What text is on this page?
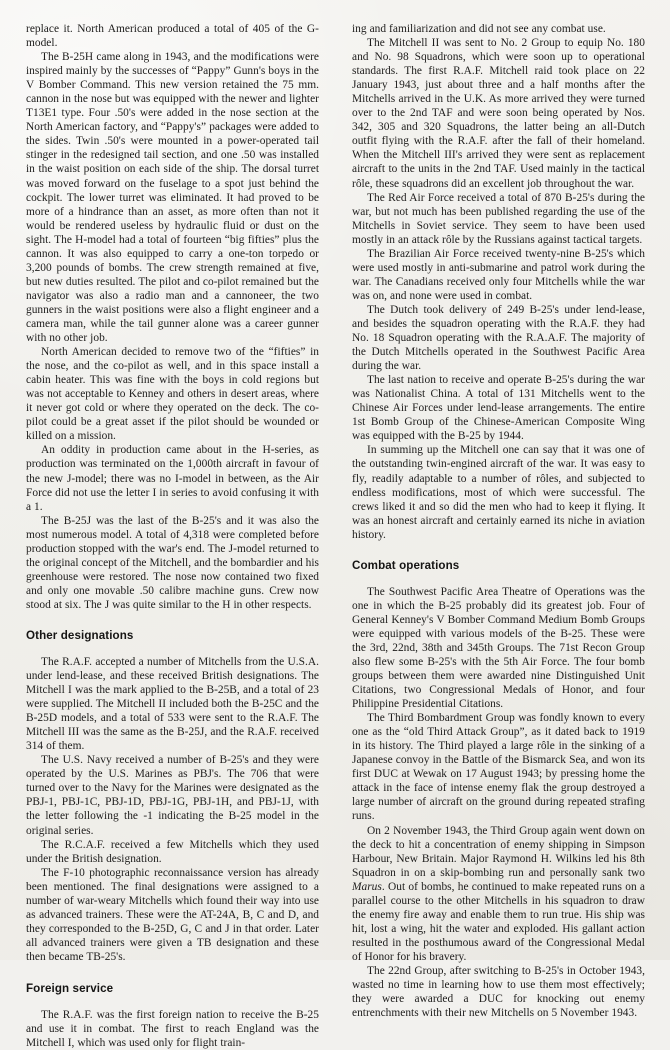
replace it. North American produced a total of 405 of the G-model.

The B-25H came along in 1943, and the modifications were inspired mainly by the successes of “Pappy” Gunn's boys in the V Bomber Command. This new version retained the 75 mm. cannon in the nose but was equipped with the newer and lighter T13E1 type. Four .50's were added in the nose section at the North American factory, and “Pappy's” packages were added to the sides. Twin .50's were mounted in a power-operated tail stinger in the redesigned tail section, and one .50 was installed in the waist position on each side of the ship. The dorsal turret was moved forward on the fuselage to a spot just behind the cockpit. The lower turret was eliminated. It had proved to be more of a hindrance than an asset, as more often than not it would be rendered useless by hydraulic fluid or dust on the sight. The H-model had a total of fourteen “big fifties” plus the cannon. It was also equipped to carry a one-ton torpedo or 3,200 pounds of bombs. The crew strength remained at five, but new duties resulted. The pilot and co-pilot remained but the navigator was also a radio man and a cannoneer, the two gunners in the waist positions were also a flight engineer and a camera man, while the tail gunner alone was a career gunner with no other job.

North American decided to remove two of the “fifties” in the nose, and the co-pilot as well, and in this space install a cabin heater. This was fine with the boys in cold regions but was not acceptable to Kenney and others in desert areas, where it never got cold or where they operated on the deck. The co-pilot could be a great asset if the pilot should be wounded or killed on a mission.

An oddity in production came about in the H-series, as production was terminated on the 1,000th aircraft in favour of the new J-model; there was no I-model in between, as the Air Force did not use the letter I in series to avoid confusing it with a 1.

The B-25J was the last of the B-25's and it was also the most numerous model. A total of 4,318 were completed before production stopped with the war's end. The J-model returned to the original concept of the Mitchell, and the bombardier and his greenhouse were restored. The nose now contained two fixed and only one movable .50 calibre machine guns. Crew now stood at six. The J was quite similar to the H in other respects.

Other designations

The R.A.F. accepted a number of Mitchells from the U.S.A. under lend-lease, and these received British designations. The Mitchell I was the mark applied to the B-25B, and a total of 23 were supplied. The Mitchell II included both the B-25C and the B-25D models, and a total of 533 were sent to the R.A.F. The Mitchell III was the same as the B-25J, and the R.A.F. received 314 of them.

The U.S. Navy received a number of B-25's and they were operated by the U.S. Marines as PBJ's. The 706 that were turned over to the Navy for the Marines were designated as the PBJ-1, PBJ-1C, PBJ-1D, PBJ-1G, PBJ-1H, and PBJ-1J, with the letter following the -1 indicating the B-25 model in the original series.

The R.C.A.F. received a few Mitchells which they used under the British designation.

The F-10 photographic reconnaissance version has already been mentioned. The final designations were assigned to a number of war-weary Mitchells which found their way into use as advanced trainers. These were the AT-24A, B, C and D, and they corresponded to the B-25D, G, C and J in that order. Later all advanced trainers were given a TB designation and these then became TB-25's.

Foreign service

The R.A.F. was the first foreign nation to receive the B-25 and use it in combat. The first to reach England was the Mitchell I, which was used only for flight train-

ing and familiarization and did not see any combat use.

The Mitchell II was sent to No. 2 Group to equip No. 180 and No. 98 Squadrons, which were soon up to operational standards. The first R.A.F. Mitchell raid took place on 22 January 1943, just about three and a half months after the Mitchells arrived in the U.K. As more arrived they were turned over to the 2nd TAF and were soon being operated by Nos. 342, 305 and 320 Squadrons, the latter being an all-Dutch outfit flying with the R.A.F. after the fall of their homeland. When the Mitchell III's arrived they were sent as replacement aircraft to the units in the 2nd TAF. Used mainly in the tactical rôle, these squadrons did an excellent job throughout the war.

The Red Air Force received a total of 870 B-25's during the war, but not much has been published regarding the use of the Mitchells in Soviet service. They seem to have been used mostly in an attack rôle by the Russians against tactical targets.

The Brazilian Air Force received twenty-nine B-25's which were used mostly in anti-submarine and patrol work during the war. The Canadians received only four Mitchells while the war was on, and none were used in combat.

The Dutch took delivery of 249 B-25's under lend-lease, and besides the squadron operating with the R.A.F. they had No. 18 Squadron operating with the R.A.A.F. The majority of the Dutch Mitchells operated in the Southwest Pacific Area during the war.

The last nation to receive and operate B-25's during the war was Nationalist China. A total of 131 Mitchells went to the Chinese Air Forces under lend-lease arrangements. The entire 1st Bomb Group of the Chinese-American Composite Wing was equipped with the B-25 by 1944.

In summing up the Mitchell one can say that it was one of the outstanding twin-engined aircraft of the war. It was easy to fly, readily adaptable to a number of rôles, and subjected to endless modifications, most of which were successful. The crews liked it and so did the men who had to keep it flying. It was an honest aircraft and certainly earned its niche in aviation history.

Combat operations

The Southwest Pacific Area Theatre of Operations was the one in which the B-25 probably did its greatest job. Four of General Kenney's V Bomber Command Medium Bomb Groups were equipped with various models of the B-25. These were the 3rd, 22nd, 38th and 345th Groups. The 71st Recon Group also flew some B-25's with the 5th Air Force. The four bomb groups between them were awarded nine Distinguished Unit Citations, two Congressional Medals of Honor, and four Philippine Presidential Citations.

The Third Bombardment Group was fondly known to every one as the “old Third Attack Group”, as it dated back to 1919 in its history. The Third played a large rôle in the sinking of a Japanese convoy in the Battle of the Bismarck Sea, and won its first DUC at Wewak on 17 August 1943; by pressing home the attack in the face of intense enemy flak the group destroyed a large number of aircraft on the ground during repeated strafing runs.

On 2 November 1943, the Third Group again went down on the deck to hit a concentration of enemy shipping in Simpson Harbour, New Britain. Major Raymond H. Wilkins led his 8th Squadron in on a skip-bombing run and personally sank two Marus. Out of bombs, he continued to make repeated runs on a parallel course to the other Mitchells in his squadron to draw the enemy fire away and enable them to run true. His ship was hit, lost a wing, hit the water and exploded. His gallant action resulted in the posthumous award of the Congressional Medal of Honor for his bravery.

The 22nd Group, after switching to B-25's in October 1943, wasted no time in learning how to use them most effectively; they were awarded a DUC for knocking out enemy entrenchments with their new Mitchells on 5 November 1943.
